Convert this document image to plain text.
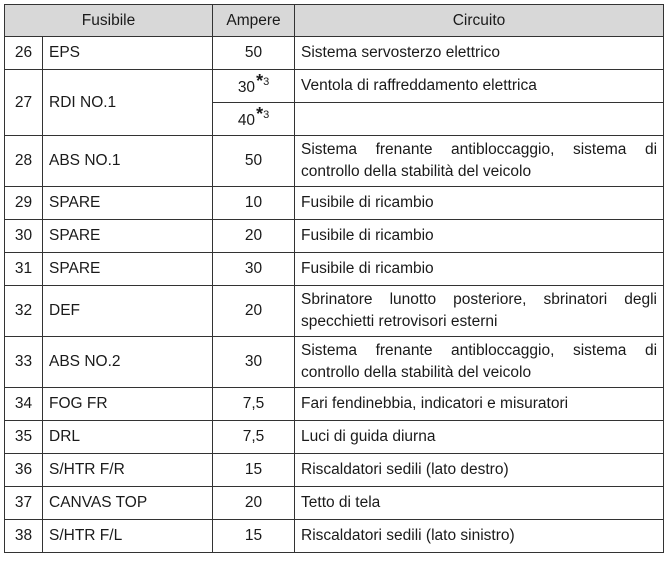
Fusibile		Ampere	Circuito
26	EPS	50	Sistema servosterzo elettrico
27	RDI NO.1	30*$^3$	Ventola di raffreddamento elettrica
		40*$^3$	
28	ABS NO.1	50	Sistema frenante antibloccaggio, sistema di controllo della stabilità del veicolo
29	SPARE	10	Fusibile di ricambio
30	SPARE	20	Fusibile di ricambio
31	SPARE	30	Fusibile di ricambio
32	DEF	20	Sbrinatore lunotto posteriore, sbrinatori degli specchietti retrovisori esterni
33	ABS NO.2	30	Sistema frenante antibloccaggio, sistema di controllo della stabilità del veicolo
34	FOG FR	7,5	Fari fendinebbia, indicatori e misuratori
35	DRL	7,5	Luci di guida diurna
36	S/HTR F/R	15	Riscaldatori sedili (lato destro)
37	CANVAS TOP	20	Tetto di tela
38	S/HTR F/L	15	Riscaldatori sedili (lato sinistro)
